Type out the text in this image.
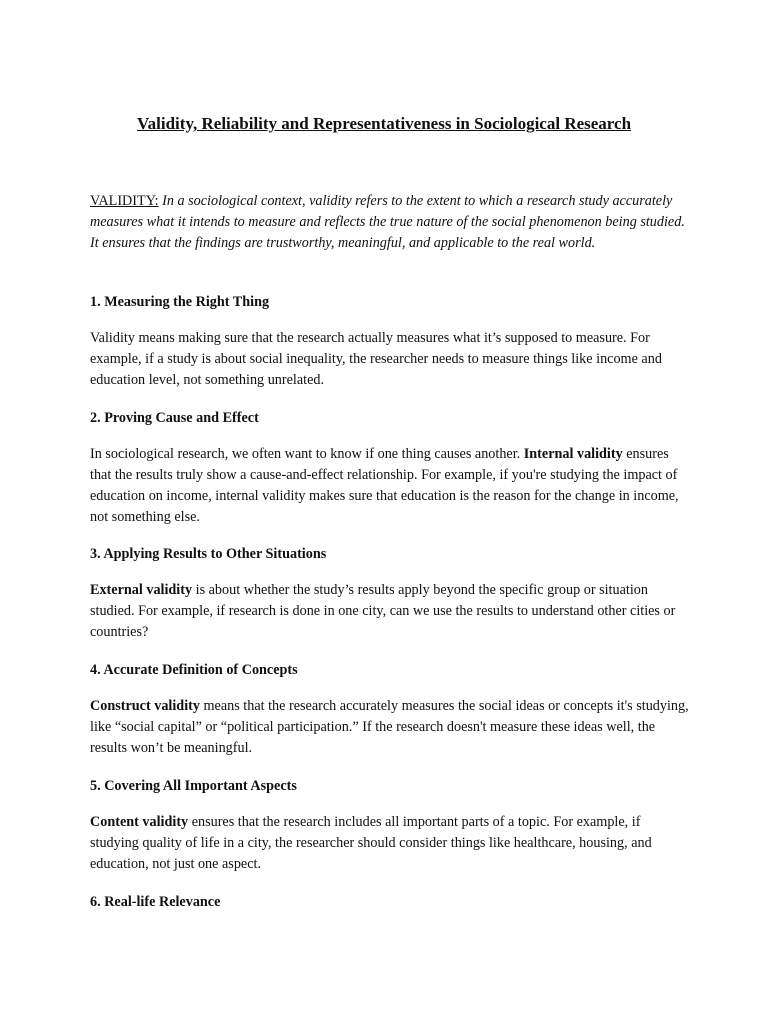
Validity, Reliability and Representativeness in Sociological Research

VALIDITY: In a sociological context, validity refers to the extent to which a research study accurately measures what it intends to measure and reflects the true nature of the social phenomenon being studied. It ensures that the findings are trustworthy, meaningful, and applicable to the real world.

1. Measuring the Right Thing

Validity means making sure that the research actually measures what it’s supposed to measure. For example, if a study is about social inequality, the researcher needs to measure things like income and education level, not something unrelated.

2. Proving Cause and Effect

In sociological research, we often want to know if one thing causes another. Internal validity ensures that the results truly show a cause-and-effect relationship. For example, if you're studying the impact of education on income, internal validity makes sure that education is the reason for the change in income, not something else.

3. Applying Results to Other Situations

External validity is about whether the study’s results apply beyond the specific group or situation studied. For example, if research is done in one city, can we use the results to understand other cities or countries?

4. Accurate Definition of Concepts

Construct validity means that the research accurately measures the social ideas or concepts it's studying, like “social capital” or “political participation.” If the research doesn't measure these ideas well, the results won’t be meaningful.

5. Covering All Important Aspects

Content validity ensures that the research includes all important parts of a topic. For example, if studying quality of life in a city, the researcher should consider things like healthcare, housing, and education, not just one aspect.

6. Real-life Relevance
